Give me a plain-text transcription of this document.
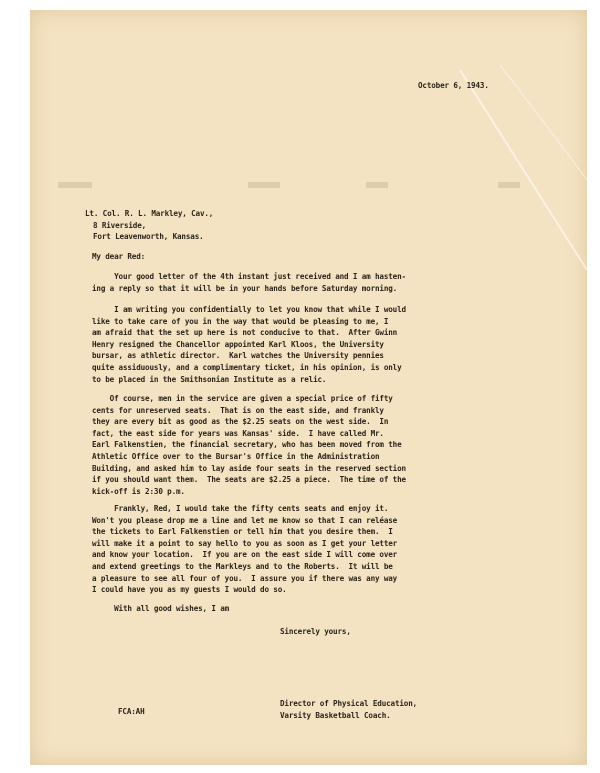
October 6, 1943.
Lt. Col. R. L. Markley, Cav.,
8 Riverside,
Fort Leavenworth, Kansas.
My dear Red:
Your good letter of the 4th instant just received and I am hasten-
ing a reply so that it will be in your hands before Saturday morning.
I am writing you confidentially to let you know that while I would
like to take care of you in the way that would be pleasing to me, I
am afraid that the set up here is not conducive to that.  After Gwinn
Henry resigned the Chancellor appointed Karl Kloos, the University
bursar, as athletic director.  Karl watches the University pennies
quite assiduously, and a complimentary ticket, in his opinion, is only
to be placed in the Smithsonian Institute as a relic.
Of course, men in the service are given a special price of fifty
cents for unreserved seats.  That is on the east side, and frankly
they are every bit as good as the $2.25 seats on the west side.  In
fact, the east side for years was Kansas' side.  I have called Mr.
Earl Falkenstien, the financial secretary, who has been moved from the
Athletic Office over to the Bursar's Office in the Administration
Building, and asked him to lay aside four seats in the reserved section
if you should want them.  The seats are $2.25 a piece.  The time of the
kick-off is 2:30 p.m.
Frankly, Red, I would take the fifty cents seats and enjoy it.
Won't you please drop me a line and let me know so that I can reléase
the tickets to Earl Falkenstien or tell him that you desire them.  I
will make it a point to say hello to you as soon as I get your letter
and know your location.  If you are on the east side I will come over
and extend greetings to the Markleys and to the Roberts.  It will be
a pleasure to see all four of you.  I assure you if there was any way
I could have you as my guests I would do so.
With all good wishes, I am
Sincerely yours,
Director of Physical Education,
Varsity Basketball Coach.
FCA:AH
